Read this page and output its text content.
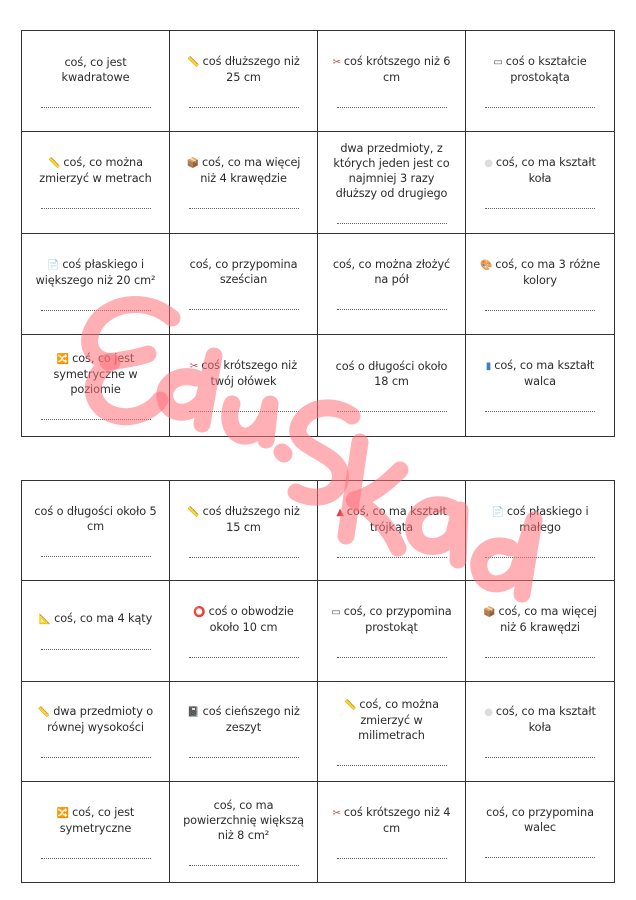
coś, co jest kwadratowe
📏 coś dłuższego niż 25 cm
✂ coś krótszego niż 6 cm
▭ coś o kształcie prostokąta
📏 coś, co można zmierzyć w metrach
📦 coś, co ma więcej niż 4 krawędzie
dwa przedmioty, z których jeden jest co najmniej 3 razy dłuższy od drugiego
● coś, co ma kształt koła
📄 coś płaskiego i większego niż 20 cm²
coś, co przypomina sześcian
coś, co można złożyć na pół
🎨 coś, co ma 3 różne kolory
🔀 coś, co jest symetryczne w poziomie
✂ coś krótszego niż twój ołówek
coś o długości około 18 cm
▮ coś, co ma kształt walca
coś o długości około 5 cm
📏 coś dłuższego niż 15 cm
▲ coś, co ma kształt trójkąta
📄 coś płaskiego i małego
📐 coś, co ma 4 kąty	⭕ coś o obwodzie około 10 cm
▭ coś, co przypomina prostokąt
📦 coś, co ma więcej niż 6 krawędzi
📏 dwa przedmioty o równej wysokości
📓 coś cieńszego niż zeszyt
📏 coś, co można zmierzyć w milimetrach
● coś, co ma kształt koła
🔀 coś, co jest symetryczne
coś, co ma powierzchnię większą niż 8 cm²
✂ coś krótszego niż 4 cm
coś, co przypomina walec
